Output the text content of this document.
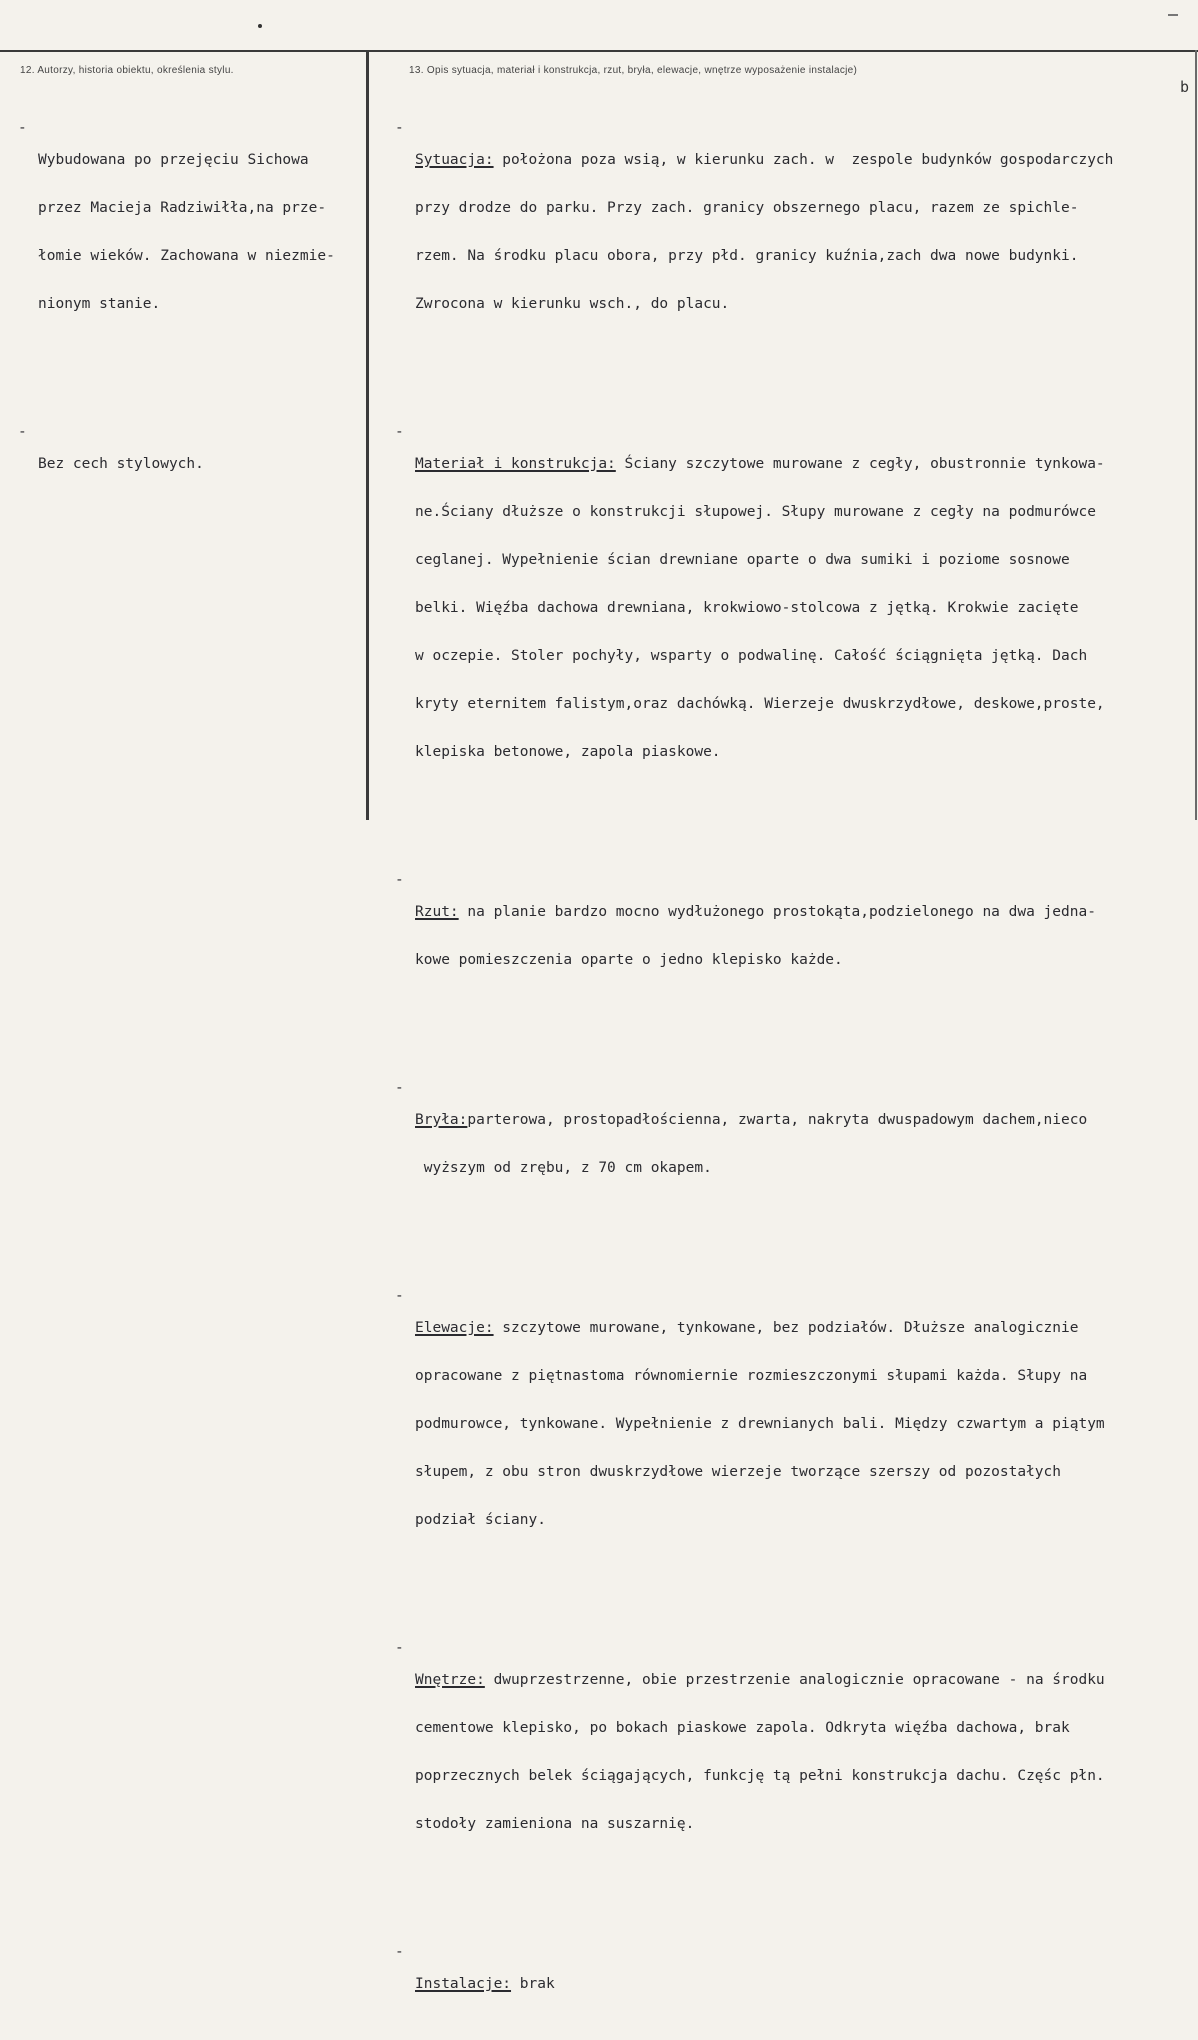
12. Autorzy, historia obiektu, określenia stylu.	13. Opis sytuacja, materiał i konstrukcja, rzut, bryła, elewacje, wnętrze wyposażenie instalacje)
b

-

Wybudowana po przejęciu Sichowa

przez Macieja Radziwiłła,na prze-

łomie wieków. Zachowana w niezmie-

nionym stanie.

-

Bez cech stylowych.

-

Sytuacja: położona poza wsią, w kierunku zach. w  zespole budynków gospodarczych

przy drodze do parku. Przy zach. granicy obszernego placu, razem ze spichle-

rzem. Na środku placu obora, przy płd. granicy kuźnia,zach dwa nowe budynki.

Zwrocona w kierunku wsch., do placu.

-

Materiał i konstrukcja: Ściany szczytowe murowane z cegły, obustronnie tynkowa-

ne.Ściany dłuższe o konstrukcji słupowej. Słupy murowane z cegły na podmurówce

ceglanej. Wypełnienie ścian drewniane oparte o dwa sumiki i poziome sosnowe

belki. Więźba dachowa drewniana, krokwiowo-stolcowa z jętką. Krokwie zacięte

w oczepie. Stoler pochyły, wsparty o podwalinę. Całość ściągnięta jętką. Dach

kryty eternitem falistym,oraz dachówką. Wierzeje dwuskrzydłowe, deskowe,proste,

klepiska betonowe, zapola piaskowe.

-

Rzut: na planie bardzo mocno wydłużonego prostokąta,podzielonego na dwa jedna-

kowe pomieszczenia oparte o jedno klepisko każde.

-

Bryła:parterowa, prostopadłościenna, zwarta, nakryta dwuspadowym dachem,nieco

wyższym od zrębu, z 70 cm okapem.

-

Elewacje: szczytowe murowane, tynkowane, bez podziałów. Dłuższe analogicznie

opracowane z piętnastoma równomiernie rozmieszczonymi słupami każda. Słupy na

podmurowce, tynkowane. Wypełnienie z drewnianych bali. Między czwartym a piątym

słupem, z obu stron dwuskrzydłowe wierzeje tworzące szerszy od pozostałych

podział ściany.

-

Wnętrze: dwuprzestrzenne, obie przestrzenie analogicznie opracowane - na środku

cementowe klepisko, po bokach piaskowe zapola. Odkryta więźba dachowa, brak

poprzecznych belek ściągających, funkcję tą pełni konstrukcja dachu. Częśc płn.

stodoły zamieniona na suszarnię.

-

Instalacje: brak
